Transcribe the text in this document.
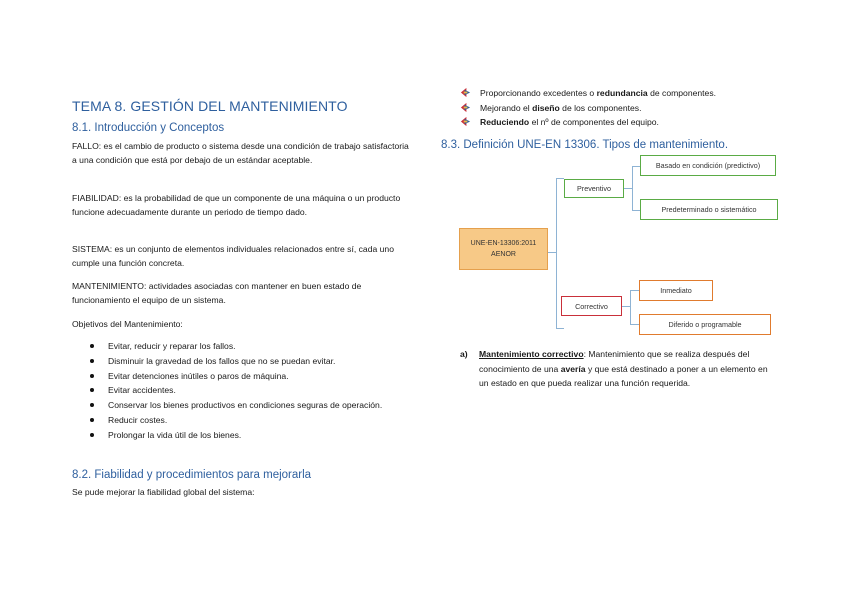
TEMA 8. GESTIÓN DEL MANTENIMIENTO
8.1. Introducción y Conceptos
FALLO: es el cambio de producto o sistema desde una condición de trabajo satisfactoria a una condición que está por debajo de un estándar aceptable.
FIABILIDAD: es la probabilidad de que un componente de una máquina o un producto funcione adecuadamente durante un periodo de tiempo dado.
SISTEMA: es un conjunto de elementos individuales relacionados entre sí, cada uno cumple una función concreta.
MANTENIMIENTO: actividades asociadas con mantener en buen estado de funcionamiento el equipo de un sistema.
Objetivos del Mantenimiento:
Evitar, reducir y reparar los fallos.
Disminuir la gravedad de los fallos que no se puedan evitar.
Evitar detenciones inútiles o paros de máquina.
Evitar accidentes.
Conservar los bienes productivos en condiciones seguras de operación.
Reducir costes.
Prolongar la vida útil de los bienes.
8.2. Fiabilidad y procedimientos para mejorarla
Se pude mejorar la fiabilidad global del sistema:
Proporcionando excedentes o redundancia de componentes.
Mejorando el diseño de los componentes.
Reduciendo el nº de componentes del equipo.
8.3. Definición UNE-EN 13306. Tipos de mantenimiento.
UNE-EN-13306:2011
AENOR
Preventivo
Basado en condición (predictivo)
Predeterminado o sistemático
Correctivo
Inmediato
Diferido o programable
a) Mantenimiento correctivo: Mantenimiento que se realiza después del conocimiento de una avería y que está destinado a poner a un elemento en un estado en que pueda realizar una función requerida.
